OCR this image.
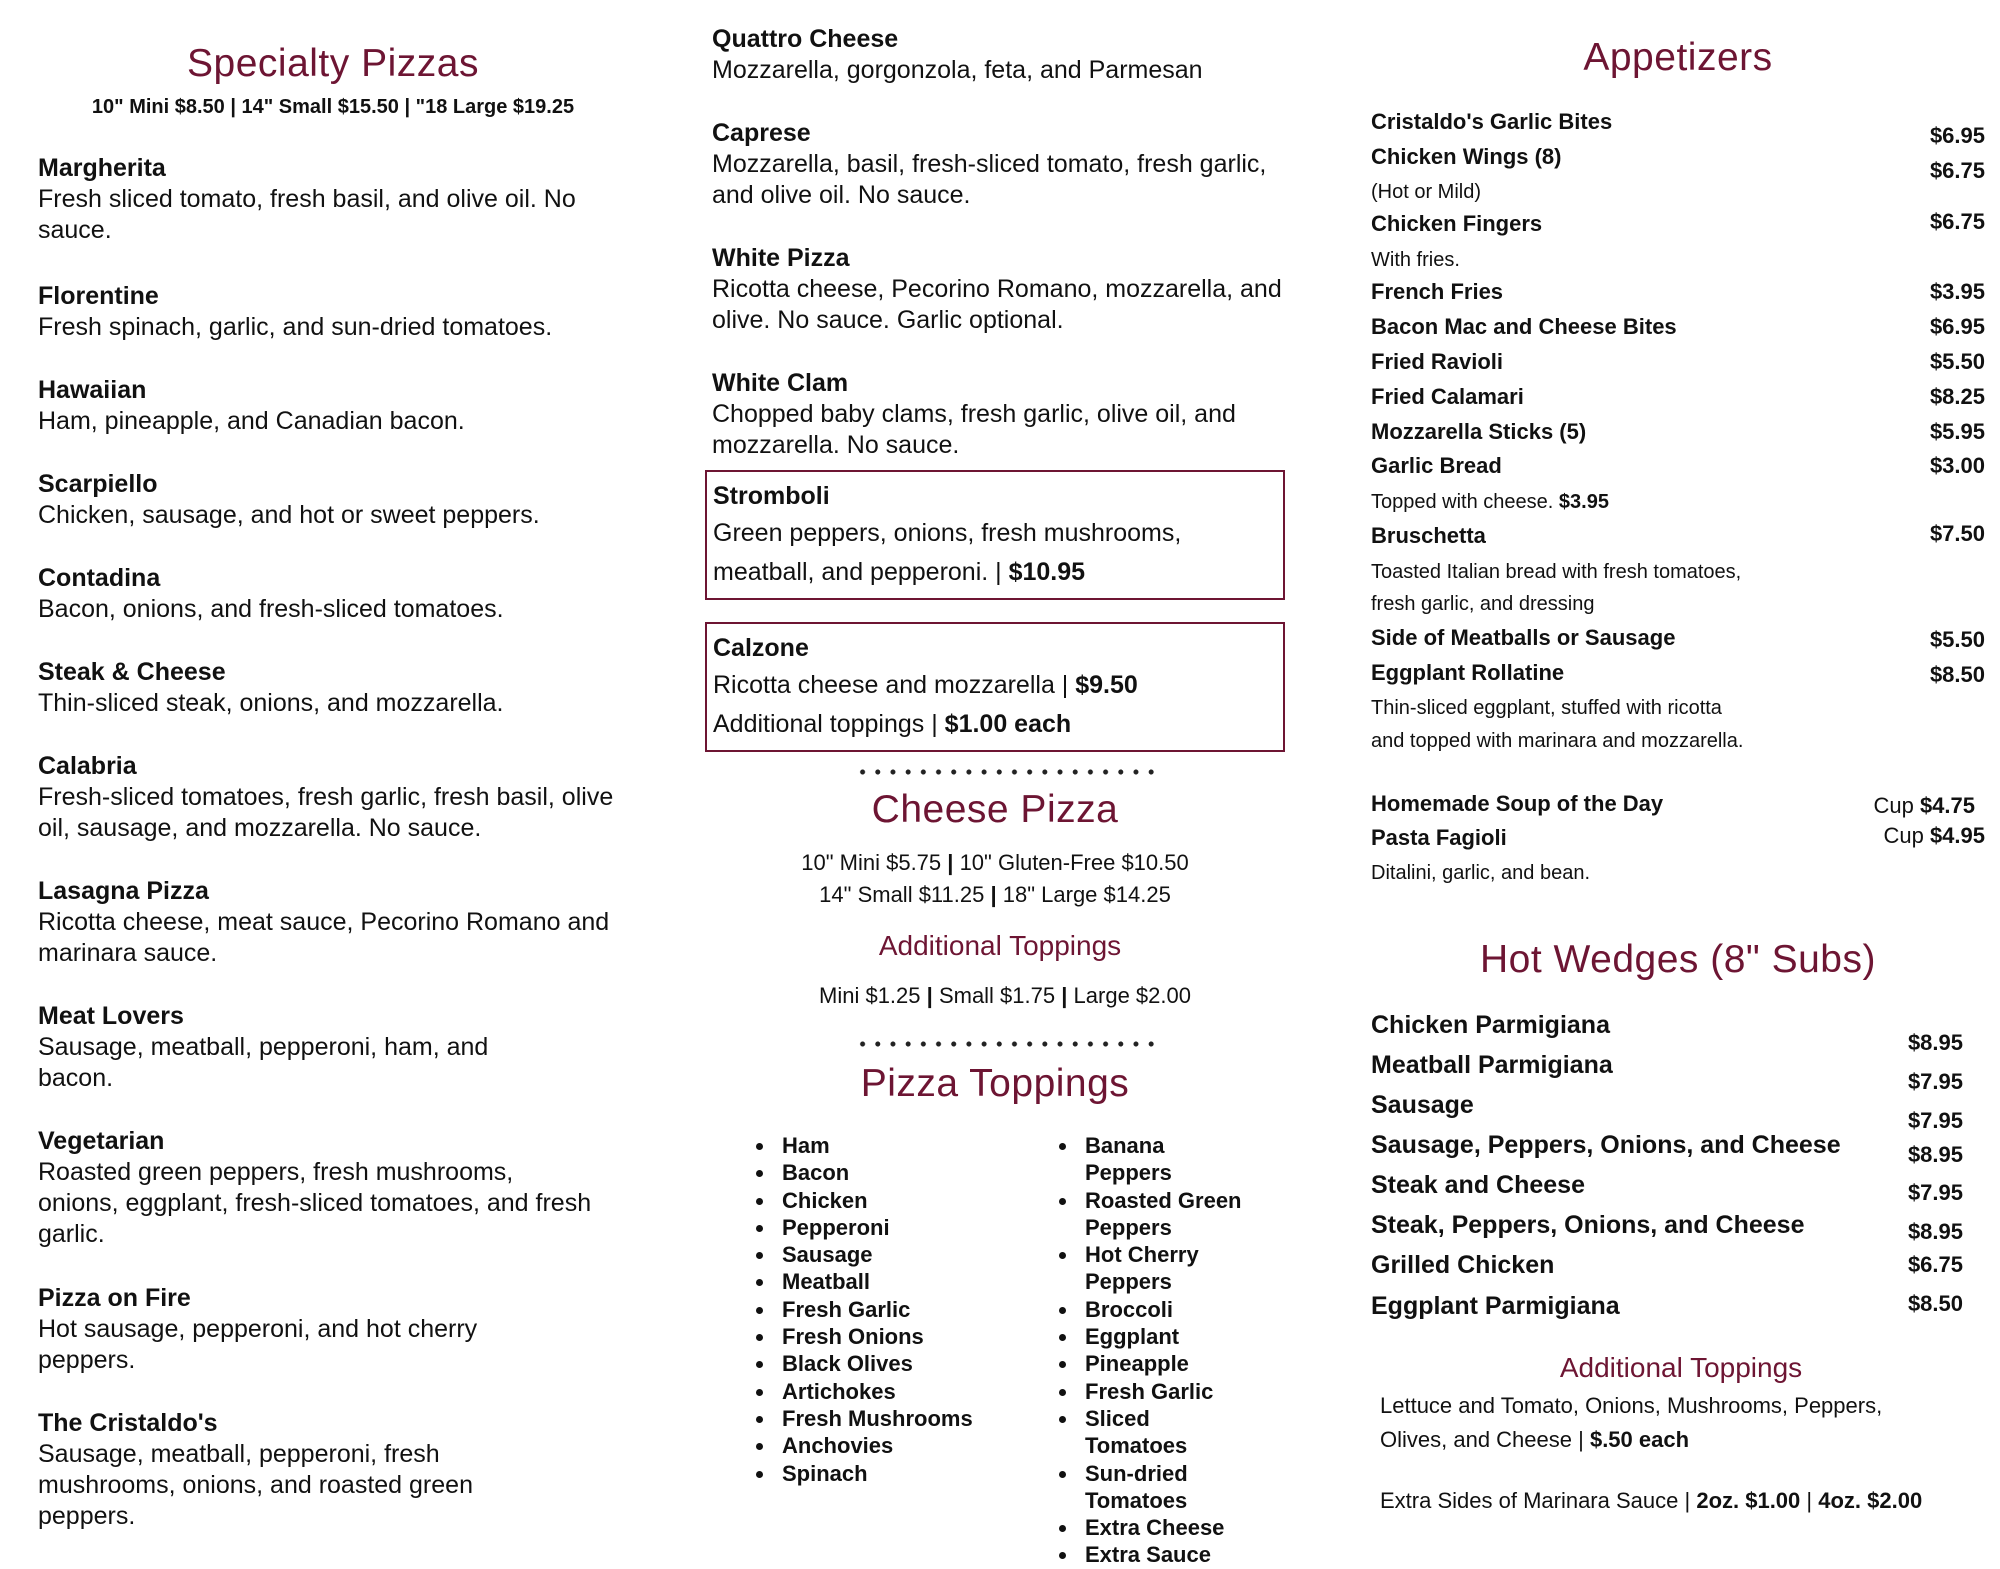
Specialty Pizzas
10" Mini $8.50 | 14" Small $15.50 | "18 Large $19.25
Margherita
Fresh sliced tomato, fresh basil, and olive oil. No sauce.
Florentine
Fresh spinach, garlic, and sun-dried tomatoes.
Hawaiian
Ham, pineapple, and Canadian bacon.
Scarpiello
Chicken, sausage, and hot or sweet peppers.
Contadina
Bacon, onions, and fresh-sliced tomatoes.
Steak & Cheese
Thin-sliced steak, onions, and mozzarella.
Calabria
Fresh-sliced tomatoes, fresh garlic, fresh basil, olive oil, sausage, and mozzarella. No sauce.
Lasagna Pizza
Ricotta cheese, meat sauce, Pecorino Romano and marinara sauce.
Meat Lovers
Sausage, meatball, pepperoni, ham, and bacon.
Vegetarian
Roasted green peppers, fresh mushrooms, onions, eggplant, fresh-sliced tomatoes, and fresh garlic.
Pizza on Fire
Hot sausage, pepperoni, and hot cherry peppers.
The Cristaldo's
Sausage, meatball, pepperoni, fresh mushrooms, onions, and roasted green peppers.
Quattro Cheese
Mozzarella, gorgonzola, feta, and Parmesan
Caprese
Mozzarella, basil, fresh-sliced tomato, fresh garlic, and olive oil. No sauce.
White Pizza
Ricotta cheese, Pecorino Romano, mozzarella, and olive. No sauce. Garlic optional.
White Clam
Chopped baby clams, fresh garlic, olive oil, and mozzarella. No sauce.
Stromboli
Green peppers, onions, fresh mushrooms, meatball, and pepperoni. | $10.95
Calzone
Ricotta cheese and mozzarella | $9.50
Additional toppings | $1.00 each
Cheese Pizza
10" Mini $5.75 | 10" Gluten-Free $10.50
14" Small $11.25 | 18" Large $14.25
Additional Toppings
Mini $1.25 | Small $1.75 | Large $2.00
Pizza Toppings
Ham
Bacon
Chicken
Pepperoni
Sausage
Meatball
Fresh Garlic
Fresh Onions
Black Olives
Artichokes
Fresh Mushrooms
Anchovies
Spinach
Banana Peppers
Roasted Green Peppers
Hot Cherry Peppers
Broccoli
Eggplant
Pineapple
Fresh Garlic
Sliced Tomatoes
Sun-dried Tomatoes
Extra Cheese
Extra Sauce
Appetizers
Cristaldo's Garlic Bites
$6.95
Chicken Wings (8)
$6.75
(Hot or Mild)
Chicken Fingers	$6.75
With fries.
French Fries	$3.95
Bacon Mac and Cheese Bites	$6.95
Fried Ravioli	$5.50
Fried Calamari	$8.25
Mozzarella Sticks (5)	$5.95
Garlic Bread	$3.00
Topped with cheese. $3.95
Bruschetta	$7.50
Toasted Italian bread with fresh tomatoes,
fresh garlic, and dressing
Side of Meatballs or Sausage	$5.50
Eggplant Rollatine	$8.50
Thin-sliced eggplant, stuffed with ricotta
and topped with marinara and mozzarella.
Homemade Soup of the Day	Cup $4.75
Pasta Fagioli	Cup $4.95
Ditalini, garlic, and bean.
Hot Wedges (8" Subs)
Chicken Parmigiana
$8.95
Meatball Parmigiana
$7.95
Sausage
$7.95
Sausage, Peppers, Onions, and Cheese	$8.95
Steak and Cheese	$7.95
Steak, Peppers, Onions, and Cheese	$8.95
Grilled Chicken	$6.75
Eggplant Parmigiana	$8.50
Additional Toppings
Lettuce and Tomato, Onions, Mushrooms, Peppers,
Olives, and Cheese | $.50 each
Extra Sides of Marinara Sauce | 2oz. $1.00 | 4oz. $2.00
